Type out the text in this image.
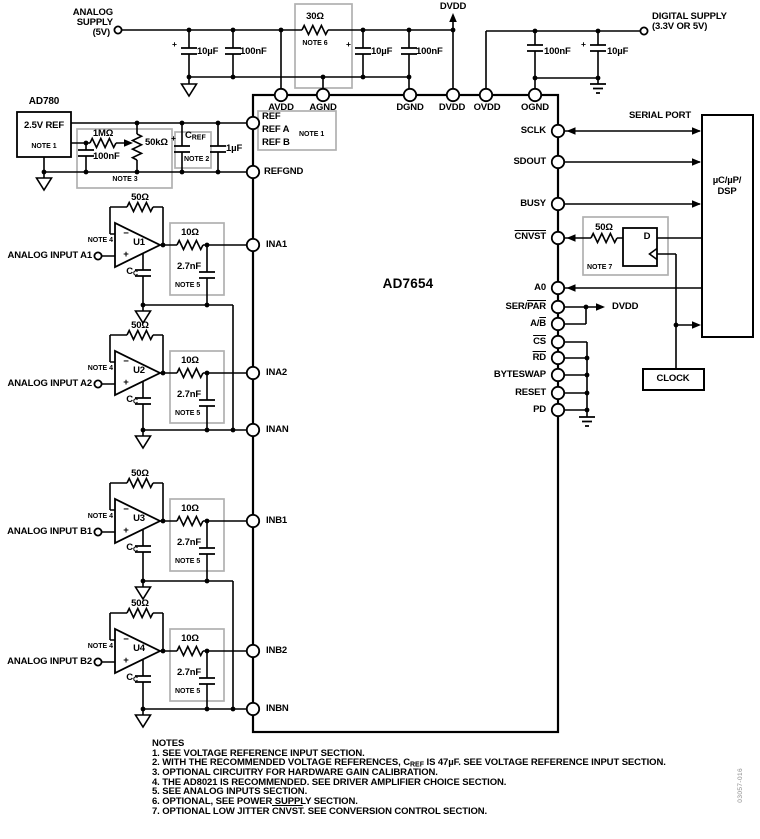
ANALOG
SUPPLY
(5V)
+
10µF 100nF
30Ω
NOTE 6 +
10µF	100nF
DVDD
DIGITAL SUPPLY
(3.3V OR 5V)
100nF
+
10µF
AVDD AGND	DGND DVDD OVDD OGND
AD7654
REF
REF A
REF B
NOTE 1
REFGND
INA1
INA2
INAN
INB1
INB2
INBN
SCLK
SDOUT
BUSY
CNVST
A0
SER/$\overline{PAR}$
$A/\overline{B}$
$\overline{CS}$
$\overline{RD}$
BYTESWAP
RESET
PD
SERIAL PORT
µC/µP/
DSP
50Ω
D
NOTE 7
DVDD
CLOCK
AD780
2.5V REF
NOTE 1
1MΩ
50kΩ
100nF
NOTE 3
+ $C_{REF}$
NOTE 2
1µF
50Ω
NOTE 4
−
+
U1
ANALOG INPUT A1
$C_C$
10Ω
2.7nF
NOTE 5
50Ω
NOTE 4
−
+
U2
ANALOG INPUT A2
$C_C$
10Ω
2.7nF
NOTE 5
50Ω
NOTE 4
−
+
U3
ANALOG INPUT B1
$C_C$
10Ω
2.7nF
NOTE 5
50Ω
NOTE 4
−
+
U4
ANALOG INPUT B2
$C_C$
10Ω
2.7nF
NOTE 5
NOTES
1. SEE VOLTAGE REFERENCE INPUT SECTION.
2. WITH THE RECOMMENDED VOLTAGE REFERENCES, $C_{REF}$ IS 47µF. SEE VOLTAGE REFERENCE INPUT SECTION.
3. OPTIONAL CIRCUITRY FOR HARDWARE GAIN CALIBRATION.
4. THE AD8021 IS RECOMMENDED. SEE DRIVER AMPLIFIER CHOICE SECTION.
5. SEE ANALOG INPUTS SECTION.
6. OPTIONAL, SEE POWER SUPPLY SECTION.
7. OPTIONAL LOW JITTER CNVST. SEE CONVERSION CONTROL SECTION.
03057-016
